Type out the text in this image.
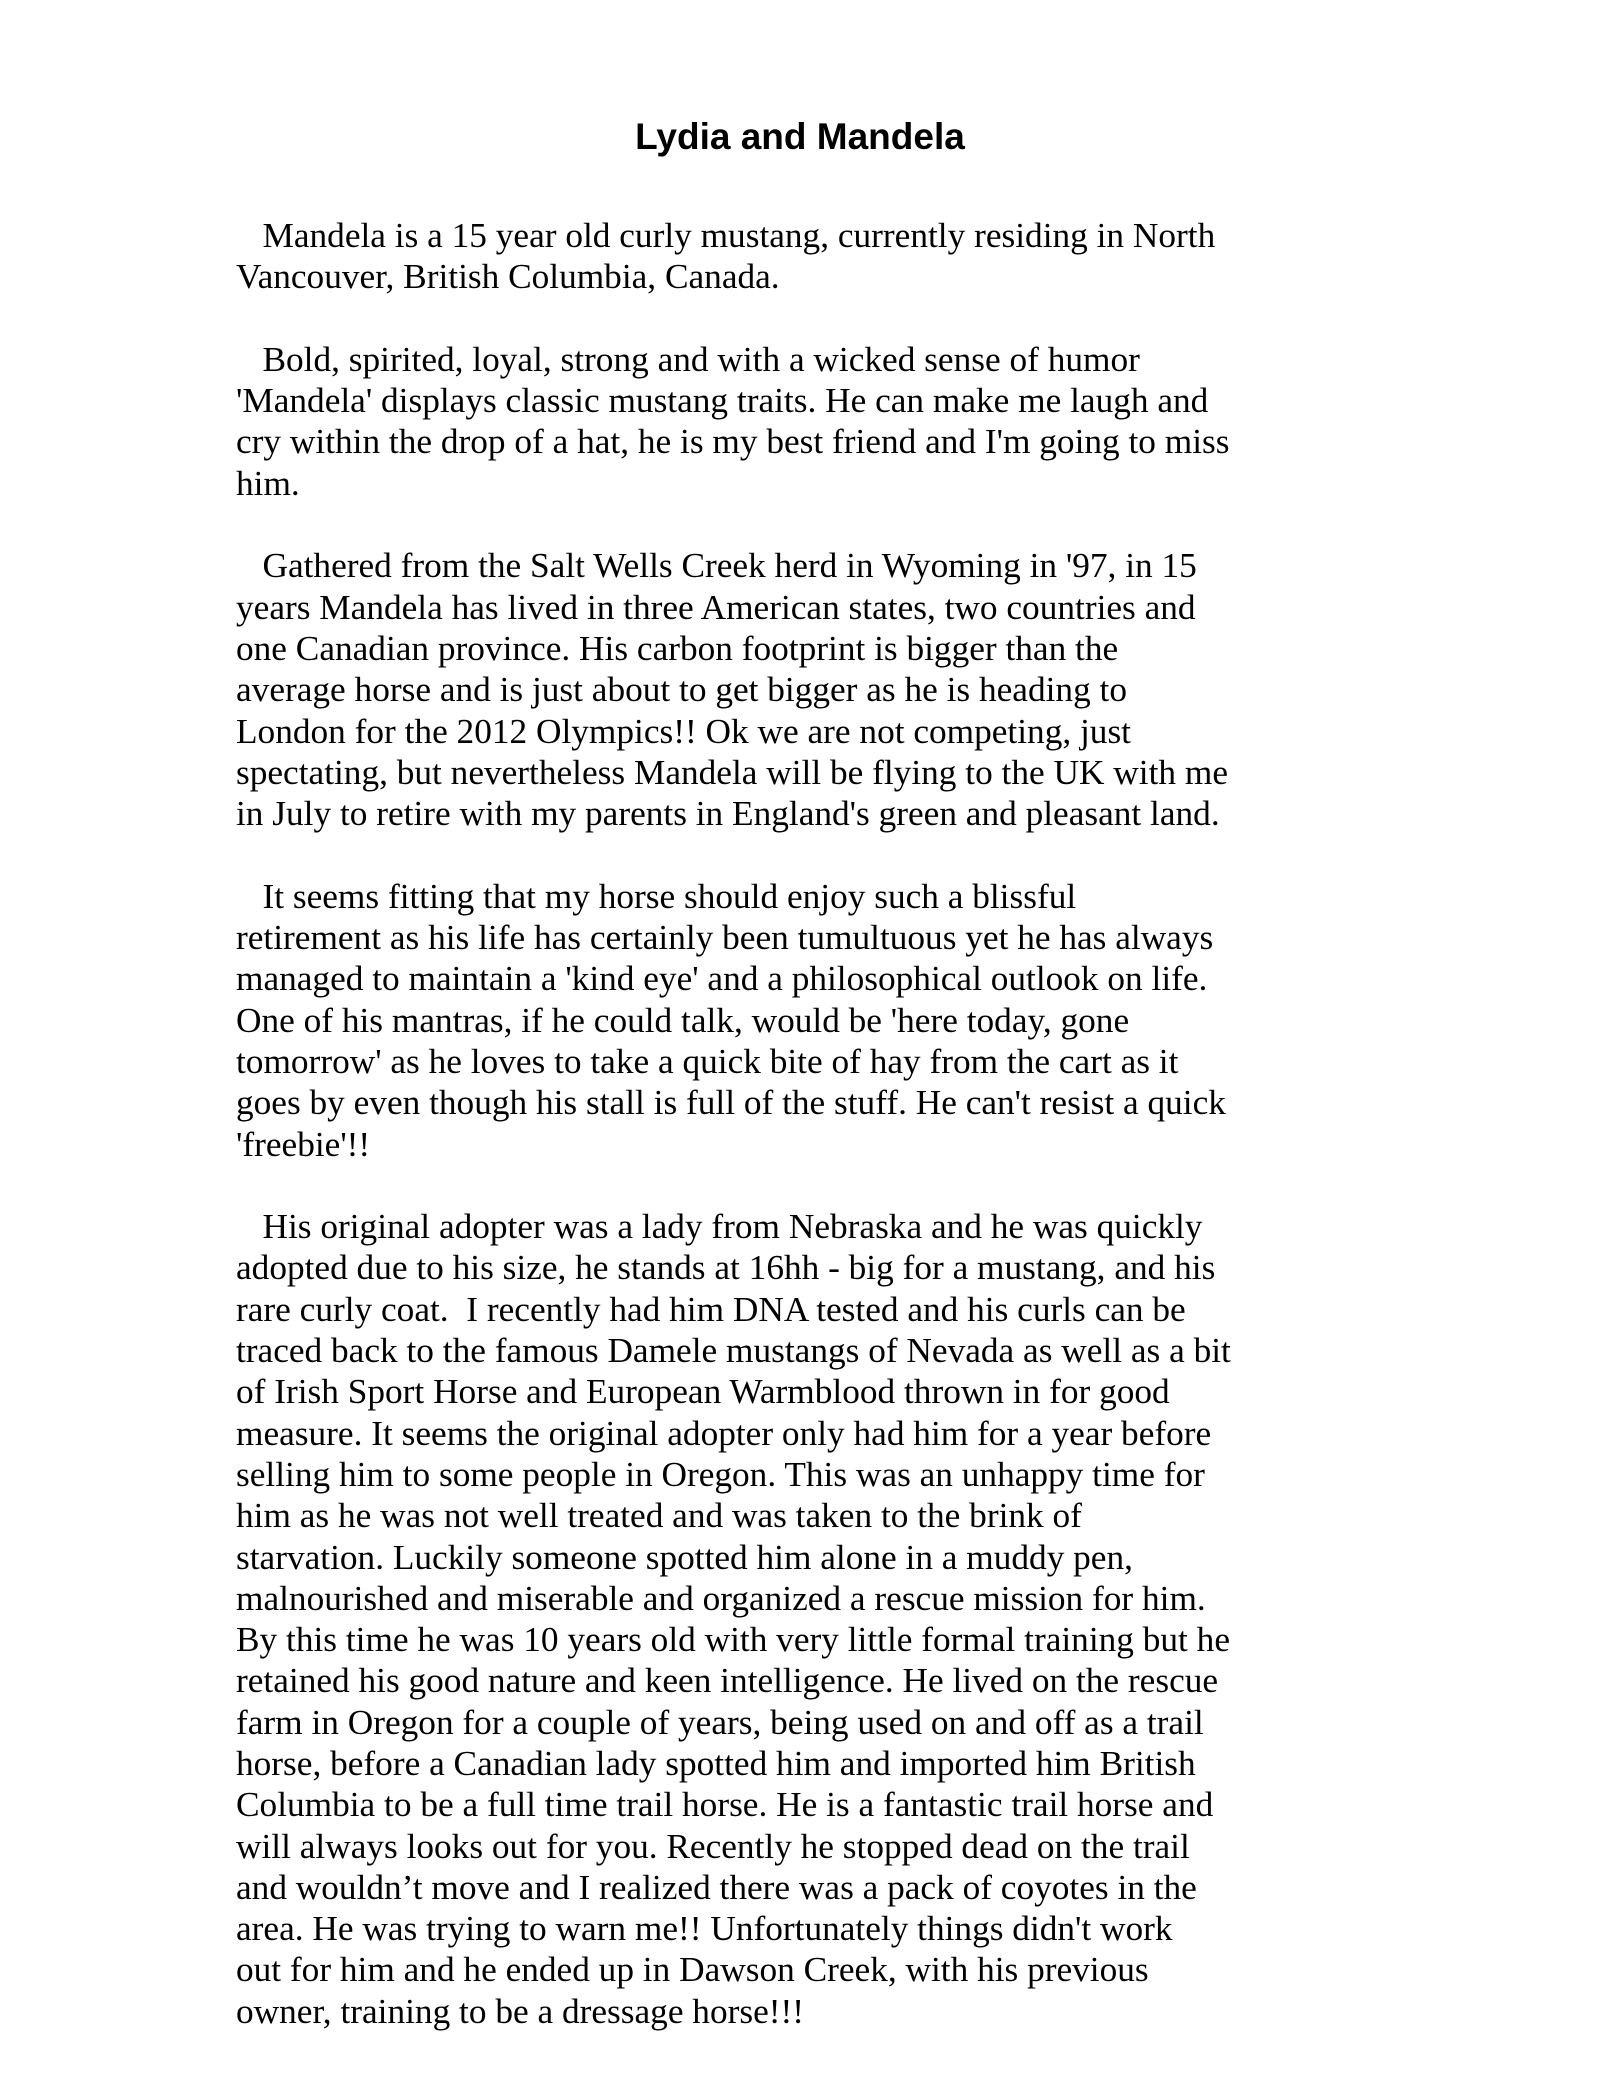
Lydia and Mandela

Mandela is a 15 year old curly mustang, currently residing in North
Vancouver, British Columbia, Canada.

Bold, spirited, loyal, strong and with a wicked sense of humor
'Mandela' displays classic mustang traits. He can make me laugh and
cry within the drop of a hat, he is my best friend and I'm going to miss
him.

Gathered from the Salt Wells Creek herd in Wyoming in '97, in 15
years Mandela has lived in three American states, two countries and
one Canadian province. His carbon footprint is bigger than the
average horse and is just about to get bigger as he is heading to
London for the 2012 Olympics!! Ok we are not competing, just
spectating, but nevertheless Mandela will be flying to the UK with me
in July to retire with my parents in England's green and pleasant land.

It seems fitting that my horse should enjoy such a blissful
retirement as his life has certainly been tumultuous yet he has always
managed to maintain a 'kind eye' and a philosophical outlook on life.
One of his mantras, if he could talk, would be 'here today, gone
tomorrow' as he loves to take a quick bite of hay from the cart as it
goes by even though his stall is full of the stuff. He can't resist a quick
'freebie'!!

His original adopter was a lady from Nebraska and he was quickly
adopted due to his size, he stands at 16hh - big for a mustang, and his
rare curly coat.  I recently had him DNA tested and his curls can be
traced back to the famous Damele mustangs of Nevada as well as a bit
of Irish Sport Horse and European Warmblood thrown in for good
measure. It seems the original adopter only had him for a year before
selling him to some people in Oregon. This was an unhappy time for
him as he was not well treated and was taken to the brink of
starvation. Luckily someone spotted him alone in a muddy pen,
malnourished and miserable and organized a rescue mission for him.
By this time he was 10 years old with very little formal training but he
retained his good nature and keen intelligence. He lived on the rescue
farm in Oregon for a couple of years, being used on and off as a trail
horse, before a Canadian lady spotted him and imported him British
Columbia to be a full time trail horse. He is a fantastic trail horse and
will always looks out for you. Recently he stopped dead on the trail
and wouldn’t move and I realized there was a pack of coyotes in the
area. He was trying to warn me!! Unfortunately things didn't work
out for him and he ended up in Dawson Creek, with his previous
owner, training to be a dressage horse!!!
